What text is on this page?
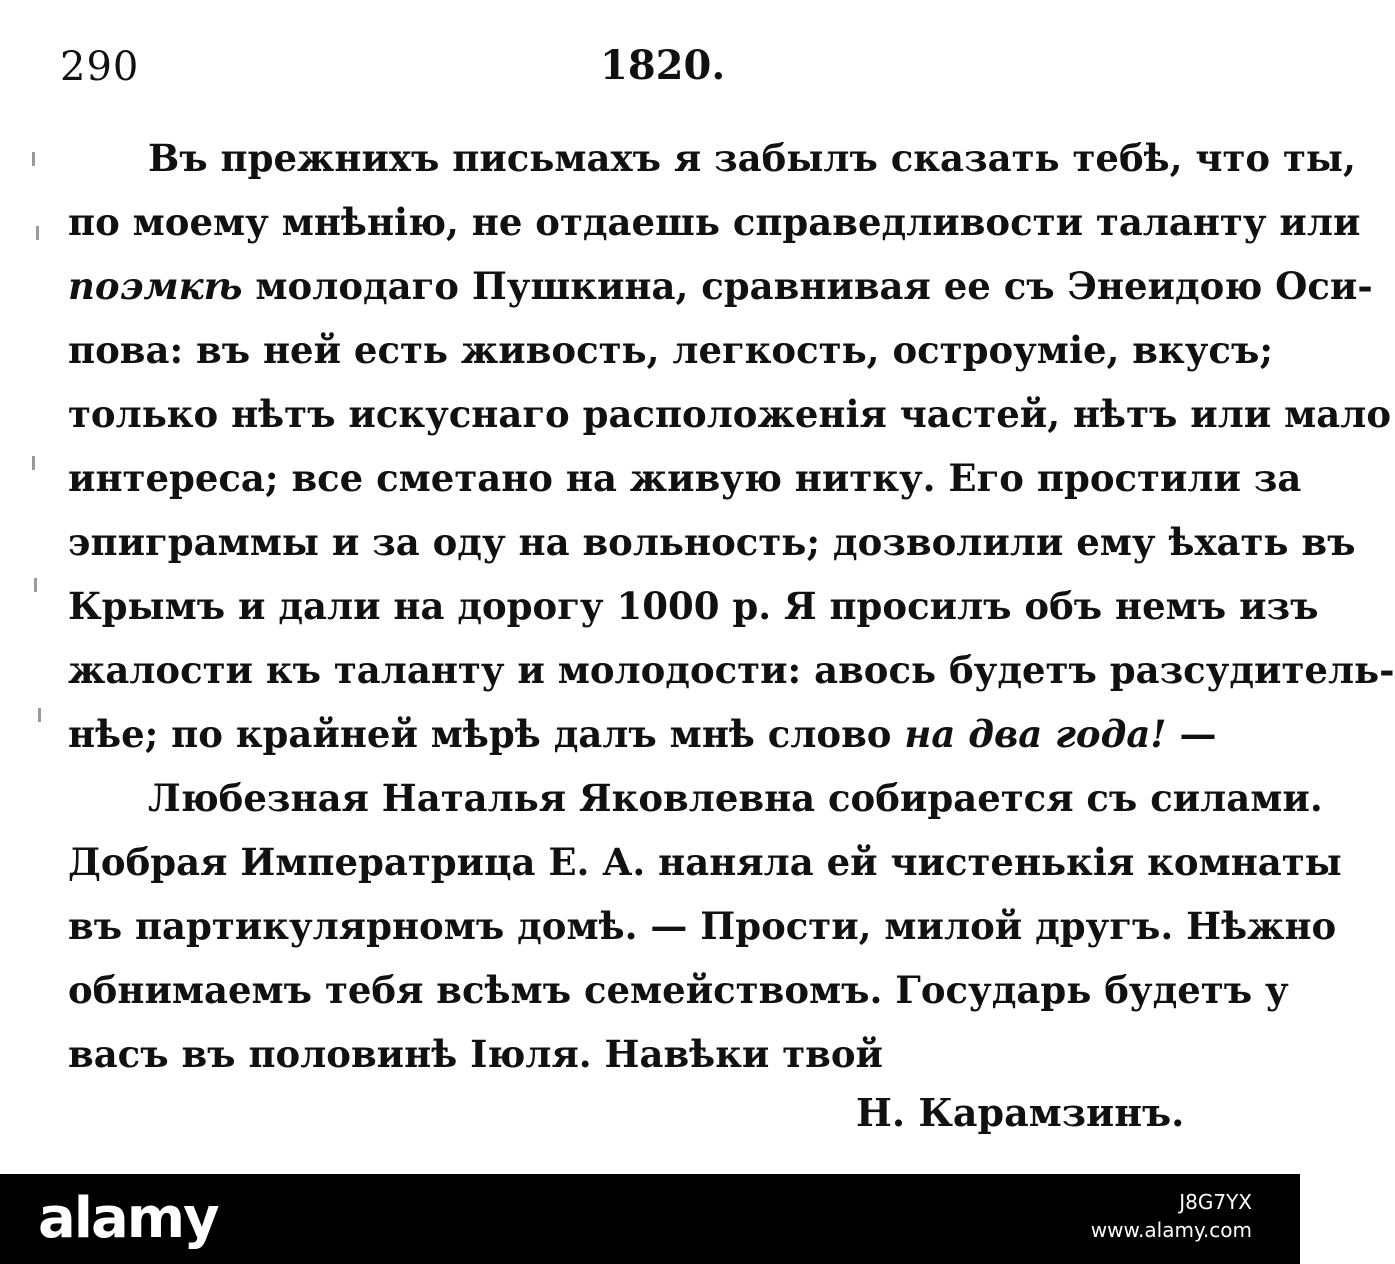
290	1820.
Въ прежнихъ письмахъ я забылъ сказать тебѣ, что ты,
по моему мнѣнію, не отдаешь справедливости таланту или
поэмкѣ молодаго Пушкина, сравнивая ее съ Энеидою Оси-
пова: въ ней есть живость, легкость, остроуміе, вкусъ;
только нѣтъ искуснаго расположенія частей, нѣтъ или мало
интереса; все сметано на живую нитку. Его простили за
эпиграммы и за оду на вольность; дозволили ему ѣхать въ
Крымъ и дали на дорогу 1000 р. Я просилъ объ немъ изъ
жалости къ таланту и молодости: авось будетъ разсудитель-
нѣе; по крайней мѣрѣ далъ мнѣ слово на два года! —
Любезная Наталья Яковлевна собирается съ силами.
Добрая Императрица Е. А. наняла ей чистенькія комнаты
въ партикулярномъ домѣ. — Прости, милой другъ. Нѣжно
обнимаемъ тебя всѣмъ семействомъ. Государь будетъ у
васъ въ половинѣ Іюля. Навѣки твой
Н. Карамзинъ.
alamy	J8G7YX
www.alamy.com
